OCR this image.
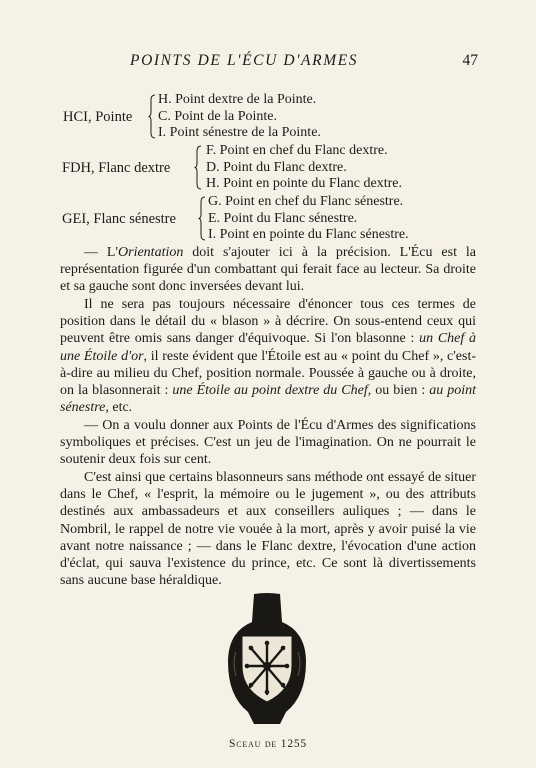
POINTS DE L'ÉCU D'ARMES	47
HCI, Pointe
H. Point dextre de la Pointe.
C. Point de la Pointe.
I. Point sénestre de la Pointe.
FDH, Flanc dextre
F. Point en chef du Flanc dextre.
D. Point du Flanc dextre.
H. Point en pointe du Flanc dextre.
GEI, Flanc sénestre
G. Point en chef du Flanc sénestre.
E. Point du Flanc sénestre.
I. Point en pointe du Flanc sénestre.

— L'Orientation doit s'ajouter ici à la précision. L'Écu est la représentation figurée d'un combattant qui ferait face au lecteur. Sa droite et sa gauche sont donc inversées devant lui.

Il ne sera pas toujours nécessaire d'énoncer tous ces termes de position dans le détail du « blason » à décrire. On sous-entend ceux qui peuvent être omis sans danger d'équivoque. Si l'on blasonne : un Chef à une Étoile d'or, il reste évident que l'Étoile est au « point du Chef », c'est-à-dire au milieu du Chef, position normale. Poussée à gauche ou à droite, on la blasonnerait : une Étoile au point dextre du Chef, ou bien : au point sénestre, etc.

— On a voulu donner aux Points de l'Écu d'Armes des significations symboliques et précises. C'est un jeu de l'imagination. On ne pourrait le soutenir deux fois sur cent.

C'est ainsi que certains blasonneurs sans méthode ont essayé de situer dans le Chef, « l'esprit, la mémoire ou le jugement », ou des attributs destinés aux ambassadeurs et aux conseillers auliques ; — dans le Nombril, le rappel de notre vie vouée à la mort, après y avoir puisé la vie avant notre naissance ; — dans le Flanc dextre, l'évocation d'une action d'éclat, qui sauva l'existence du prince, etc. Ce sont là divertissements sans aucune base héraldique.

Sceau de 1255
